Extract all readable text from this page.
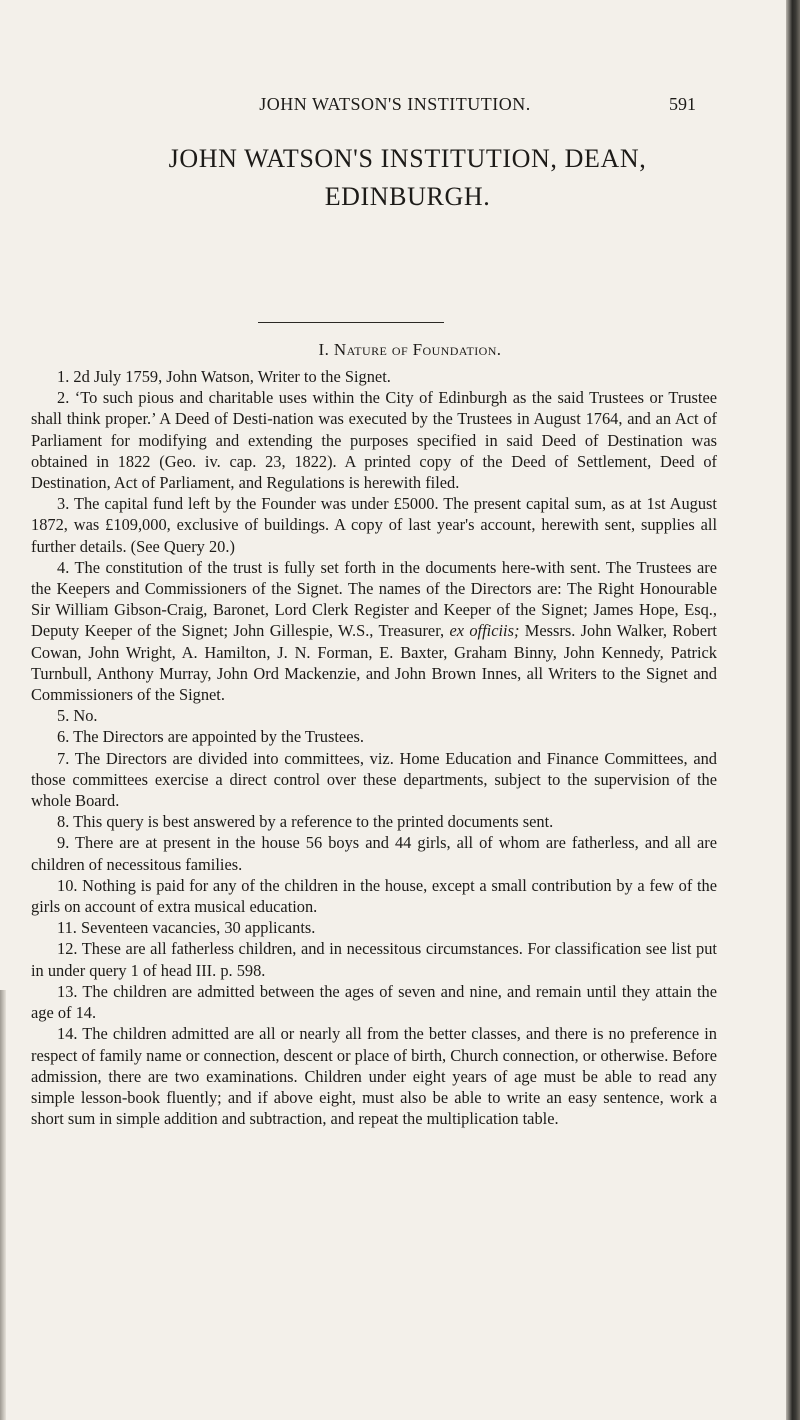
JOHN WATSON'S INSTITUTION.	591
JOHN WATSON'S INSTITUTION, DEAN,
EDINBURGH.
I. Nature of Foundation.

1. 2d July 1759, John Watson, Writer to the Signet.

2. ‘To such pious and charitable uses within the City of Edinburgh as the said Trustees or Trustee shall think proper.’ A Deed of Desti-nation was executed by the Trustees in August 1764, and an Act of Parliament for modifying and extending the purposes specified in said Deed of Destination was obtained in 1822 (Geo. iv. cap. 23, 1822). A printed copy of the Deed of Settlement, Deed of Destination, Act of Parliament, and Regulations is herewith filed.

3. The capital fund left by the Founder was under £5000. The present capital sum, as at 1st August 1872, was £109,000, exclusive of buildings. A copy of last year's account, herewith sent, supplies all further details. (See Query 20.)

4. The constitution of the trust is fully set forth in the documents here-with sent. The Trustees are the Keepers and Commissioners of the Signet. The names of the Directors are: The Right Honourable Sir William Gibson-Craig, Baronet, Lord Clerk Register and Keeper of the Signet; James Hope, Esq., Deputy Keeper of the Signet; John Gillespie, W.S., Treasurer, ex officiis; Messrs. John Walker, Robert Cowan, John Wright, A. Hamilton, J. N. Forman, E. Baxter, Graham Binny, John Kennedy, Patrick Turnbull, Anthony Murray, John Ord Mackenzie, and John Brown Innes, all Writers to the Signet and Commissioners of the Signet.

5. No.

6. The Directors are appointed by the Trustees.

7. The Directors are divided into committees, viz. Home Education and Finance Committees, and those committees exercise a direct control over these departments, subject to the supervision of the whole Board.

8. This query is best answered by a reference to the printed documents sent.

9. There are at present in the house 56 boys and 44 girls, all of whom are fatherless, and all are children of necessitous families.

10. Nothing is paid for any of the children in the house, except a small contribution by a few of the girls on account of extra musical education.

11. Seventeen vacancies, 30 applicants.

12. These are all fatherless children, and in necessitous circumstances. For classification see list put in under query 1 of head III. p. 598.

13. The children are admitted between the ages of seven and nine, and remain until they attain the age of 14.

14. The children admitted are all or nearly all from the better classes, and there is no preference in respect of family name or connection, descent or place of birth, Church connection, or otherwise. Before admission, there are two examinations. Children under eight years of age must be able to read any simple lesson-book fluently; and if above eight, must also be able to write an easy sentence, work a short sum in simple addition and subtraction, and repeat the multiplication table.
